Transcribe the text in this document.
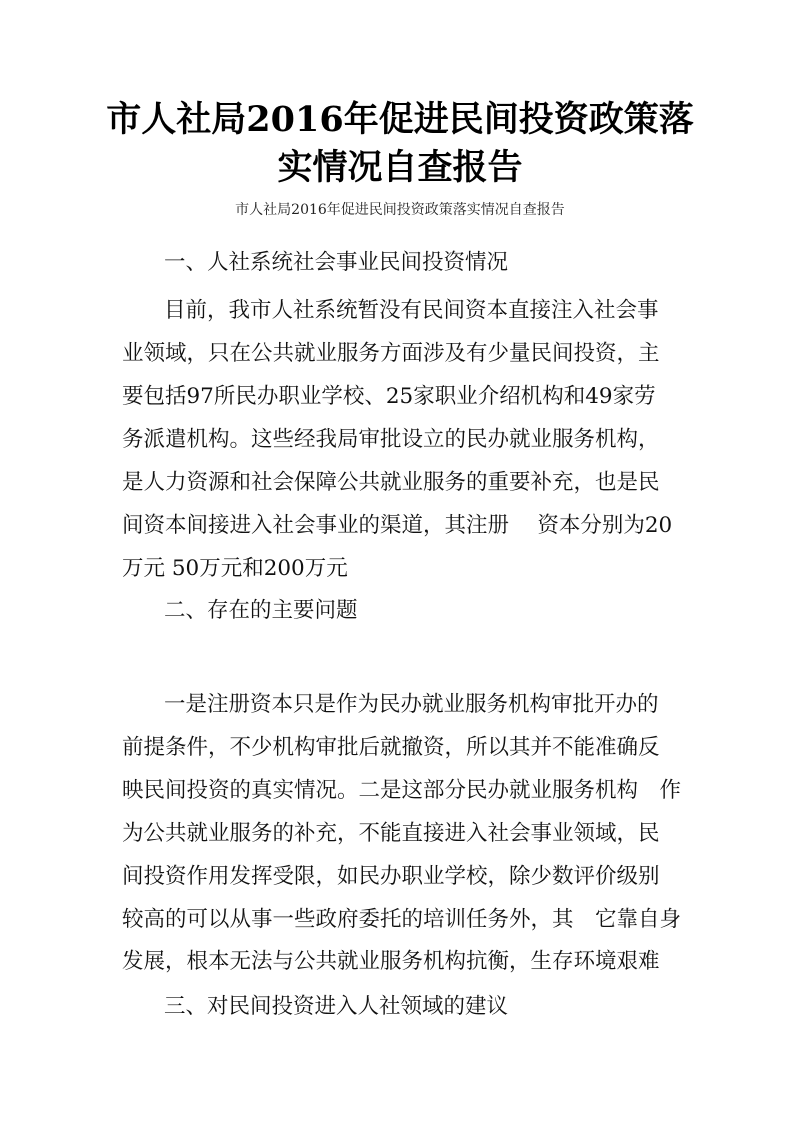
市人社局2016年促进民间投资政策落
实情况自查报告
市人社局2016年促进民间投资政策落实情况自查报告
一、人社系统社会事业民间投资情况
目前，我市人社系统暂没有民间资本直接注入社会事
业领域，只在公共就业服务方面涉及有少量民间投资，主
要包括97所民办职业学校、25家职业介绍机构和49家劳
务派遣机构。这些经我局审批设立的民办就业服务机构，
是人力资源和社会保障公共就业服务的重要补充，也是民
间资本间接进入社会事业的渠道，其注册　 资本分别为20
万元 50万元和200万元
二、存在的主要问题
一是注册资本只是作为民办就业服务机构审批开办的
前提条件，不少机构审批后就撤资，所以其并不能准确反
映民间投资的真实情况。二是这部分民办就业服务机构　作
为公共就业服务的补充，不能直接进入社会事业领域，民
间投资作用发挥受限，如民办职业学校，除少数评价级别
较高的可以从事一些政府委托的培训任务外，其　它靠自身
发展，根本无法与公共就业服务机构抗衡，生存环境艰难
三、对民间投资进入人社领域的建议
